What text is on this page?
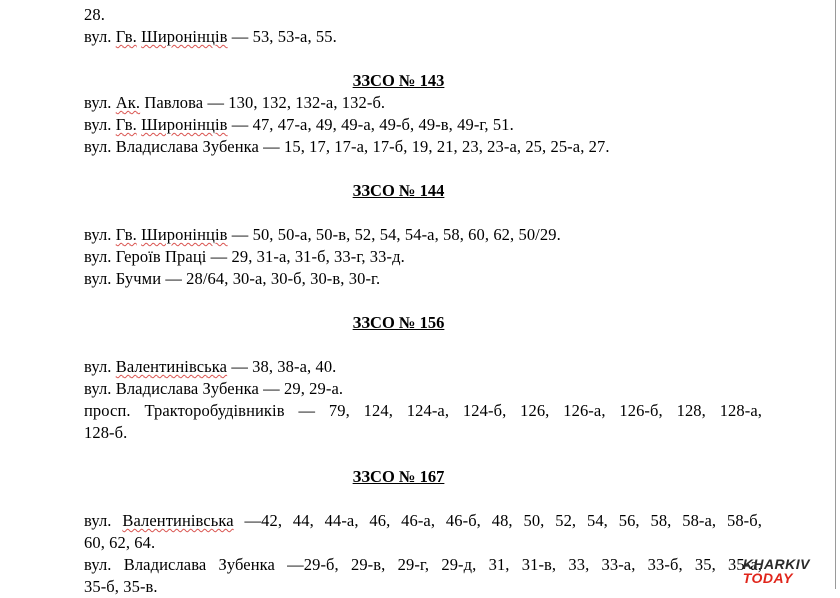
28.
вул. Гв. Широнінців — 53, 53-а, 55.
ЗЗСО № 143
вул. Ак. Павлова — 130, 132, 132-а, 132-б.
вул. Гв. Широнінців — 47, 47-а, 49, 49-а, 49-б, 49-в, 49-г, 51.
вул. Владислава Зубенка — 15, 17, 17-а, 17-б, 19, 21, 23, 23-а, 25, 25-а, 27.
ЗЗСО № 144
вул. Гв. Широнінців — 50, 50-а, 50-в, 52, 54, 54-а, 58, 60, 62, 50/29.
вул. Героїв Праці — 29, 31-а, 31-б, 33-г, 33-д.
вул. Бучми — 28/64, 30-а, 30-б, 30-в, 30-г.
ЗЗСО № 156
вул. Валентинівська — 38, 38-а, 40.
вул. Владислава Зубенка — 29, 29-а.
просп. Тракторобудівників — 79, 124, 124-а, 124-б, 126, 126-а, 126-б, 128, 128-а,
128-б.
ЗЗСО № 167
вул. Валентинівська —42, 44, 44-а, 46, 46-а, 46-б, 48, 50, 52, 54, 56, 58, 58-а, 58-б,
60, 62, 64.
вул. Владислава Зубенка —29-б, 29-в, 29-г, 29-д, 31, 31-в, 33, 33-а, 33-б, 35, 35-а,
35-б, 35-в.
KHARKIV
TODAY
